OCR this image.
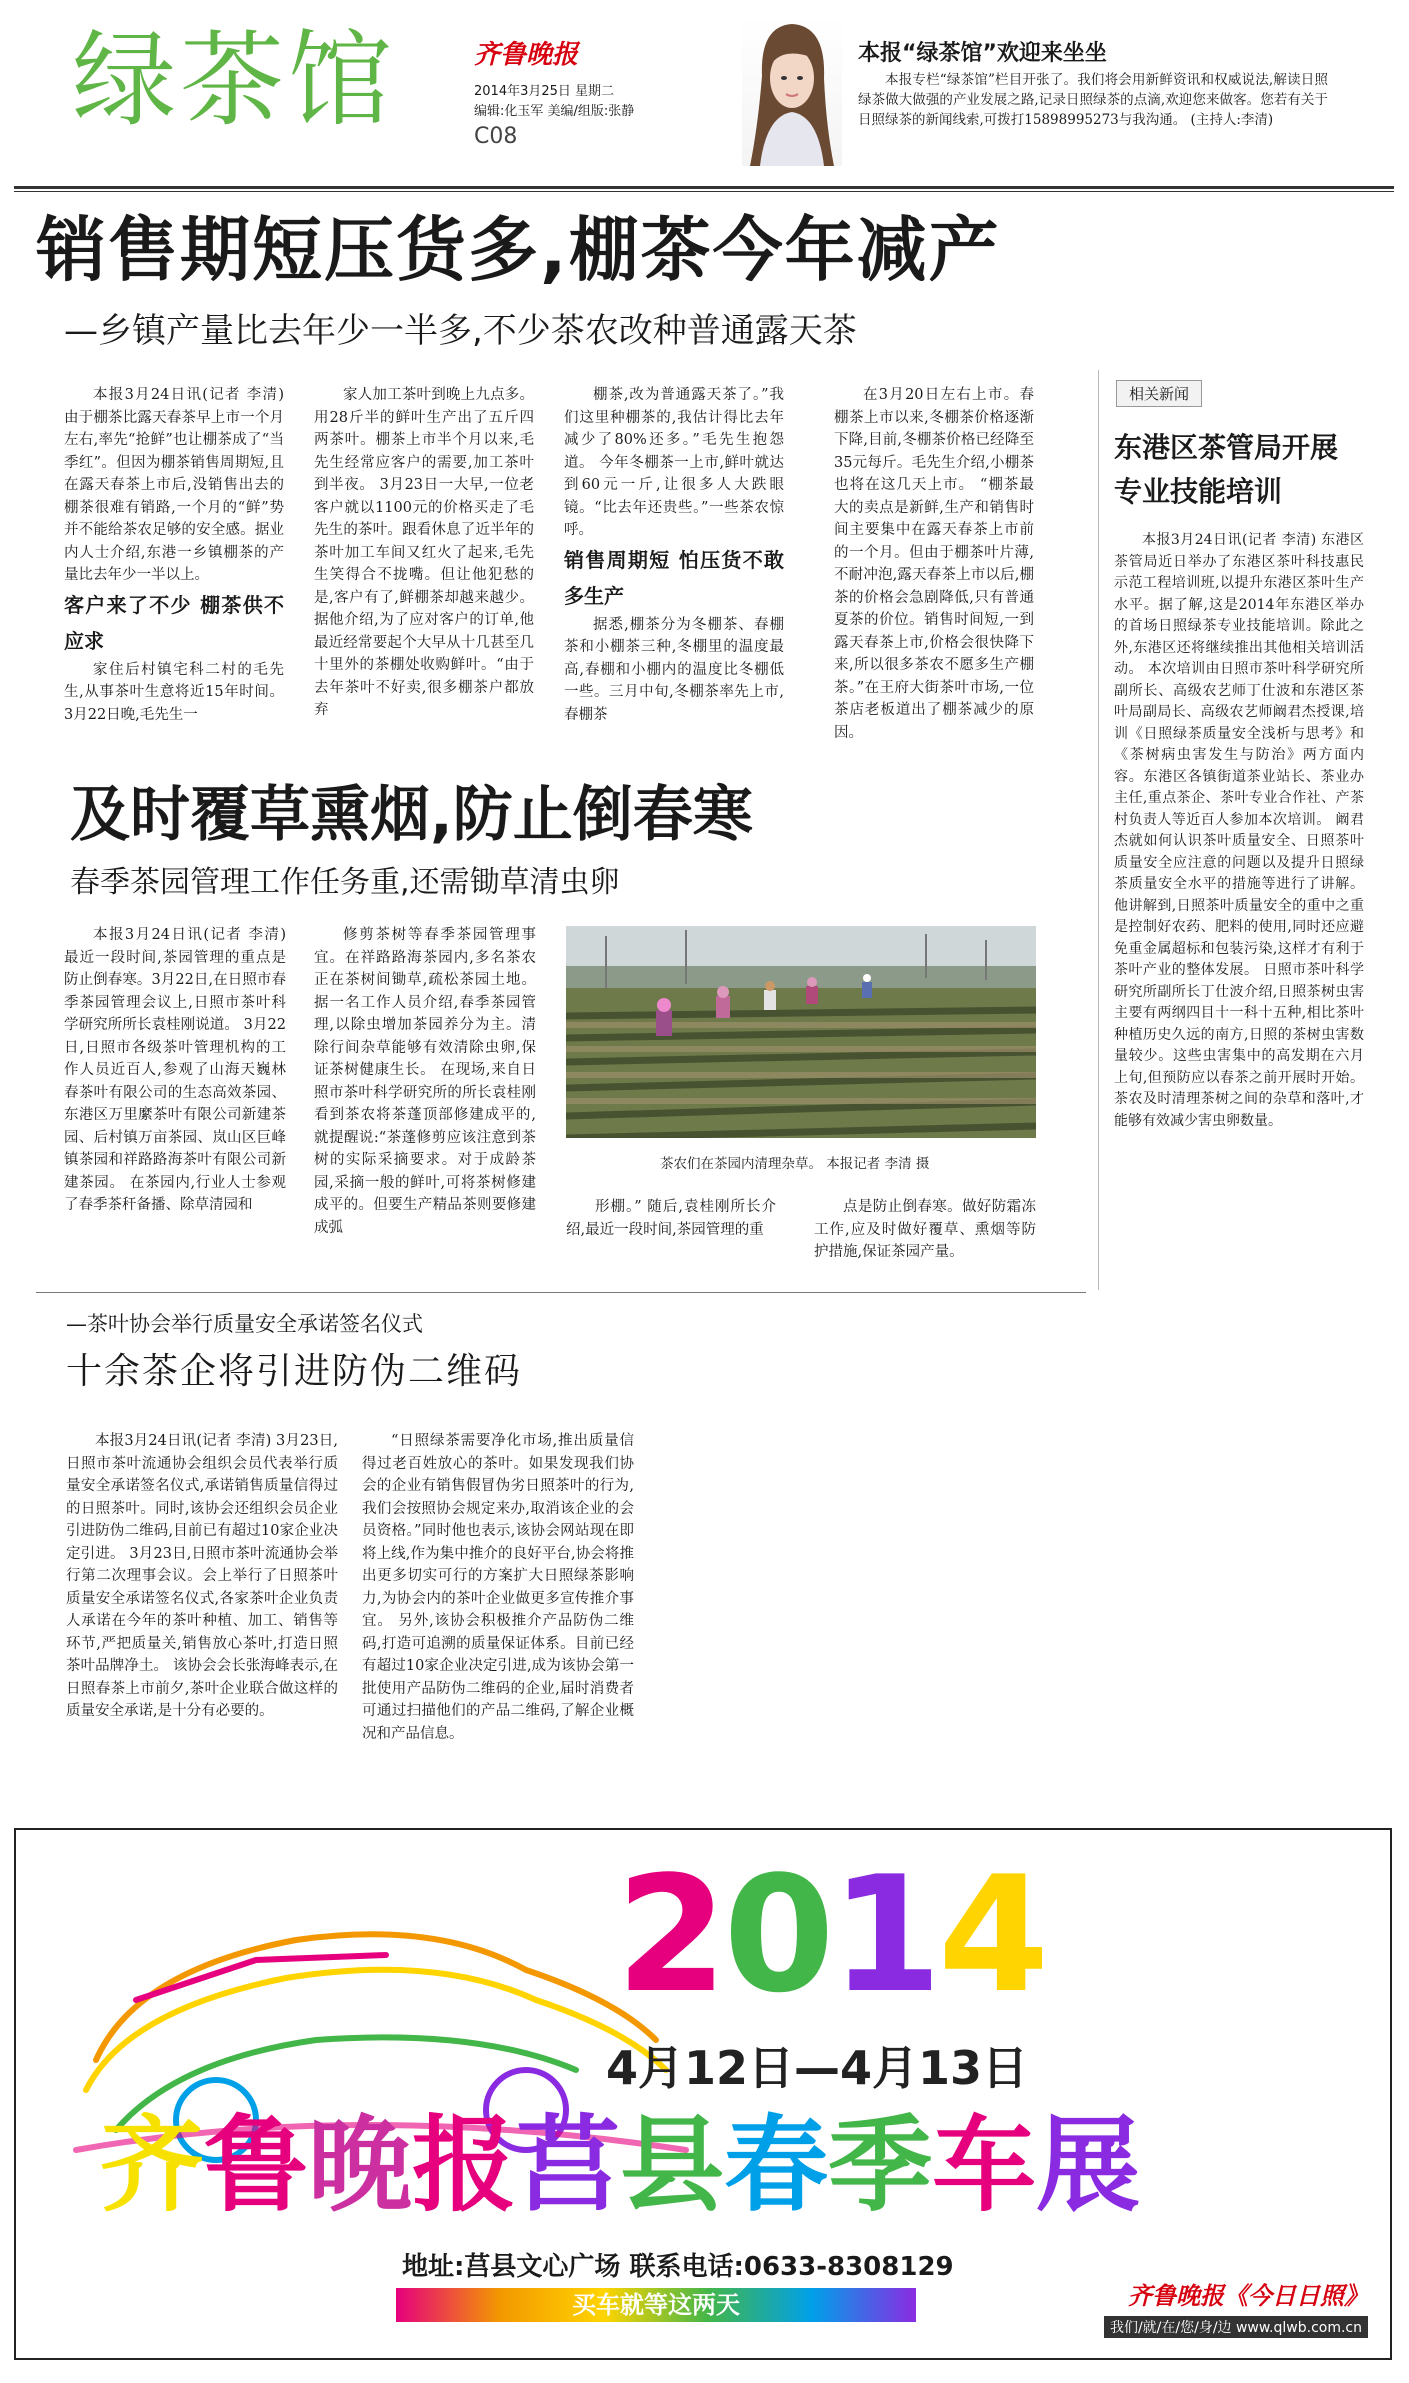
绿茶馆	齐鲁晚报
2014年3月25日 星期二
编辑:化玉军 美编/组版:张静
C08
本报“绿茶馆”欢迎来坐坐
本报专栏“绿茶馆”栏目开张了。我们将会用新鲜资讯和权威说法,解读日照绿茶做大做强的产业发展之路,记录日照绿茶的点滴,欢迎您来做客。您若有关于日照绿茶的新闻线索,可拨打15898995273与我沟通。 (主持人:李清)
销售期短压货多,棚茶今年减产
—乡镇产量比去年少一半多,不少茶农改种普通露天茶

本报3月24日讯(记者 李清) 由于棚茶比露天春茶早上市一个月左右,率先“抢鲜”也让棚茶成了“当季红”。但因为棚茶销售周期短,且在露天春茶上市后,没销售出去的棚茶很难有销路,一个月的“鲜”势并不能给茶农足够的安全感。据业内人士介绍,东港一乡镇棚茶的产量比去年少一半以上。

客户来了不少 棚茶供不应求

家住后村镇宅科二村的毛先生,从事茶叶生意将近15年时间。3月22日晚,毛先生一

家人加工茶叶到晚上九点多。用28斤半的鲜叶生产出了五斤四两茶叶。棚茶上市半个月以来,毛先生经常应客户的需要,加工茶叶到半夜。 3月23日一大早,一位老客户就以1100元的价格买走了毛先生的茶叶。跟看休息了近半年的茶叶加工车间又红火了起来,毛先生笑得合不拢嘴。但让他犯愁的是,客户有了,鲜棚茶却越来越少。 据他介绍,为了应对客户的订单,他最近经常要起个大早从十几甚至几十里外的茶棚处收购鲜叶。“由于去年茶叶不好卖,很多棚茶户都放弃

棚茶,改为普通露天茶了。”我们这里种棚茶的,我估计得比去年减少了80%还多。”毛先生抱怨道。 今年冬棚茶一上市,鲜叶就达到60元一斤,让很多人大跌眼镜。“比去年还贵些。”一些茶农惊呼。

销售周期短 怕压货不敢多生产

据悉,棚茶分为冬棚茶、春棚茶和小棚茶三种,冬棚里的温度最高,春棚和小棚内的温度比冬棚低一些。三月中旬,冬棚茶率先上市,春棚茶

在3月20日左右上市。春棚茶上市以来,冬棚茶价格逐渐下降,目前,冬棚茶价格已经降至35元每斤。毛先生介绍,小棚茶也将在这几天上市。 “棚茶最大的卖点是新鲜,生产和销售时间主要集中在露天春茶上市前的一个月。但由于棚茶叶片薄,不耐冲泡,露天春茶上市以后,棚茶的价格会急剧降低,只有普通夏茶的价位。销售时间短,一到露天春茶上市,价格会很快降下来,所以很多茶农不愿多生产棚茶。”在王府大街茶叶市场,一位茶店老板道出了棚茶减少的原因。

相关新闻
东港区茶管局开展专业技能培训

本报3月24日讯(记者 李清) 东港区茶管局近日举办了东港区茶叶科技惠民示范工程培训班,以提升东港区茶叶生产水平。据了解,这是2014年东港区举办的首场日照绿茶专业技能培训。除此之外,东港区还将继续推出其他相关培训活动。 本次培训由日照市茶叶科学研究所副所长、高级农艺师丁仕波和东港区茶叶局副局长、高级农艺师阚君杰授课,培训《日照绿茶质量安全浅析与思考》和《茶树病虫害发生与防治》两方面内容。东港区各镇街道茶业站长、茶业办主任,重点茶企、茶叶专业合作社、产茶村负责人等近百人参加本次培训。 阚君杰就如何认识茶叶质量安全、日照茶叶质量安全应注意的问题以及提升日照绿茶质量安全水平的措施等进行了讲解。他讲解到,日照茶叶质量安全的重中之重是控制好农药、肥料的使用,同时还应避免重金属超标和包装污染,这样才有利于茶叶产业的整体发展。 日照市茶叶科学研究所副所长丁仕波介绍,日照茶树虫害主要有两纲四目十一科十五种,相比茶叶种植历史久远的南方,日照的茶树虫害数量较少。这些虫害集中的高发期在六月上旬,但预防应以春茶之前开展时开始。茶农及时清理茶树之间的杂草和落叶,才能够有效减少害虫卵数量。

及时覆草熏烟,防止倒春寒
春季茶园管理工作任务重,还需锄草清虫卵

本报3月24日讯(记者 李清) 最近一段时间,茶园管理的重点是防止倒春寒。3月22日,在日照市春季茶园管理会议上,日照市茶叶科学研究所所长袁桂刚说道。 3月22日,日照市各级茶叶管理机构的工作人员近百人,参观了山海天巍林春茶叶有限公司的生态高效茶园、东港区万里縻茶叶有限公司新建茶园、后村镇万亩茶园、岚山区巨峰镇茶园和祥路路海茶叶有限公司新建茶园。 在茶园内,行业人士参观了春季茶秆备播、除草清园和

修剪茶树等春季茶园管理事宜。在祥路路海茶园内,多名茶农正在茶树间锄草,疏松茶园土地。据一名工作人员介绍,春季茶园管理,以除虫增加茶园养分为主。清除行间杂草能够有效清除虫卵,保证茶树健康生长。 在现场,来自日照市茶叶科学研究所的所长袁桂刚看到茶农将茶蓬顶部修建成平的,就提醒说:“茶蓬修剪应该注意到茶树的实际采摘要求。对于成龄茶园,采摘一般的鲜叶,可将茶树修建成平的。但要生产精品茶则要修建成弧

茶农们在茶园内清理杂草。 本报记者 李清 摄

形棚。” 随后,袁桂刚所长介绍,最近一段时间,茶园管理的重

点是防止倒春寒。做好防霜冻工作,应及时做好覆草、熏烟等防护措施,保证茶园产量。

—茶叶协会举行质量安全承诺签名仪式
十余茶企将引进防伪二维码

本报3月24日讯(记者 李清) 3月23日,日照市茶叶流通协会组织会员代表举行质量安全承诺签名仪式,承诺销售质量信得过的日照茶叶。同时,该协会还组织会员企业引进防伪二维码,目前已有超过10家企业决定引进。 3月23日,日照市茶叶流通协会举行第二次理事会议。会上举行了日照茶叶质量安全承诺签名仪式,各家茶叶企业负责人承诺在今年的茶叶种植、加工、销售等环节,严把质量关,销售放心茶叶,打造日照茶叶品牌净土。 该协会会长张海峰表示,在日照春茶上市前夕,茶叶企业联合做这样的质量安全承诺,是十分有必要的。

“日照绿茶需要净化市场,推出质量信得过老百姓放心的茶叶。如果发现我们协会的企业有销售假冒伪劣日照茶叶的行为,我们会按照协会规定来办,取消该企业的会员资格。”同时他也表示,该协会网站现在即将上线,作为集中推介的良好平台,协会将推出更多切实可行的方案扩大日照绿茶影响力,为协会内的茶叶企业做更多宣传推介事宜。 另外,该协会积极推介产品防伪二维码,打造可追溯的质量保证体系。目前已经有超过10家企业决定引进,成为该协会第一批使用产品防伪二维码的企业,届时消费者可通过扫描他们的产品二维码,了解企业概况和产品信息。

2014
4月12日—4月13日
齐鲁晚报莒县春季车展
地址:莒县文心广场 联系电话:0633-8308129
买车就等这两天	齐鲁晚报《今日日照》
我们/就/在/您/身/边 www.qlwb.com.cn
